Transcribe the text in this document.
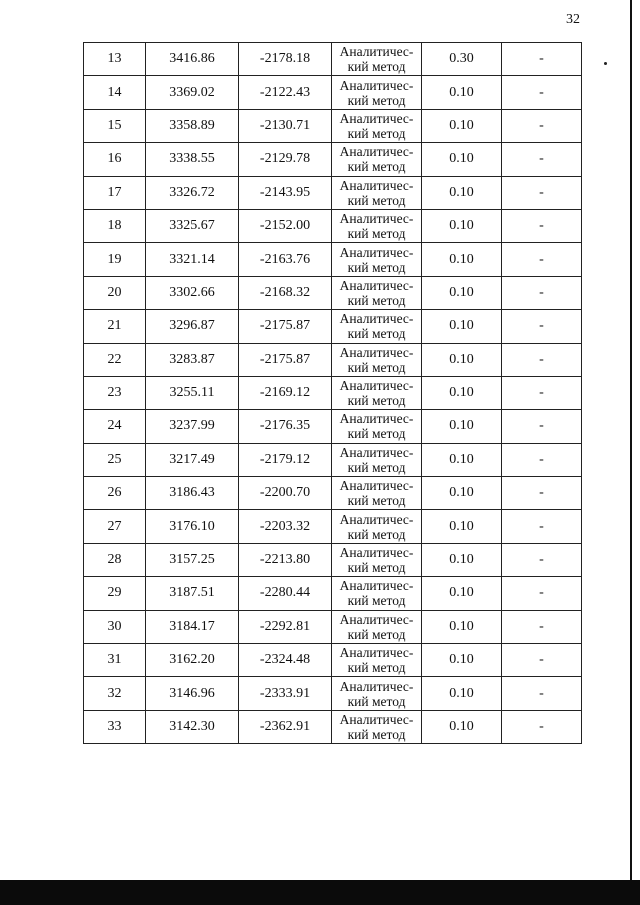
32
13	3416.86	-2178.18	Аналитичес-
кий метод	0.30	-
14	3369.02	-2122.43	Аналитичес-
кий метод	0.10	-
15	3358.89	-2130.71	Аналитичес-
кий метод	0.10	-
16	3338.55	-2129.78	Аналитичес-
кий метод	0.10	-
17	3326.72	-2143.95	Аналитичес-
кий метод	0.10	-
18	3325.67	-2152.00	Аналитичес-
кий метод	0.10	-
19	3321.14	-2163.76	Аналитичес-
кий метод	0.10	-
20	3302.66	-2168.32	Аналитичес-
кий метод	0.10	-
21	3296.87	-2175.87	Аналитичес-
кий метод	0.10	-
22	3283.87	-2175.87	Аналитичес-
кий метод	0.10	-
23	3255.11	-2169.12	Аналитичес-
кий метод	0.10	-
24	3237.99	-2176.35	Аналитичес-
кий метод	0.10	-
25	3217.49	-2179.12	Аналитичес-
кий метод	0.10	-
26	3186.43	-2200.70	Аналитичес-
кий метод	0.10	-
27	3176.10	-2203.32	Аналитичес-
кий метод	0.10	-
28	3157.25	-2213.80	Аналитичес-
кий метод	0.10	-
29	3187.51	-2280.44	Аналитичес-
кий метод	0.10	-
30	3184.17	-2292.81	Аналитичес-
кий метод	0.10	-
31	3162.20	-2324.48	Аналитичес-
кий метод	0.10	-
32	3146.96	-2333.91	Аналитичес-
кий метод	0.10	-
33	3142.30	-2362.91	Аналитичес-
кий метод	0.10	-
